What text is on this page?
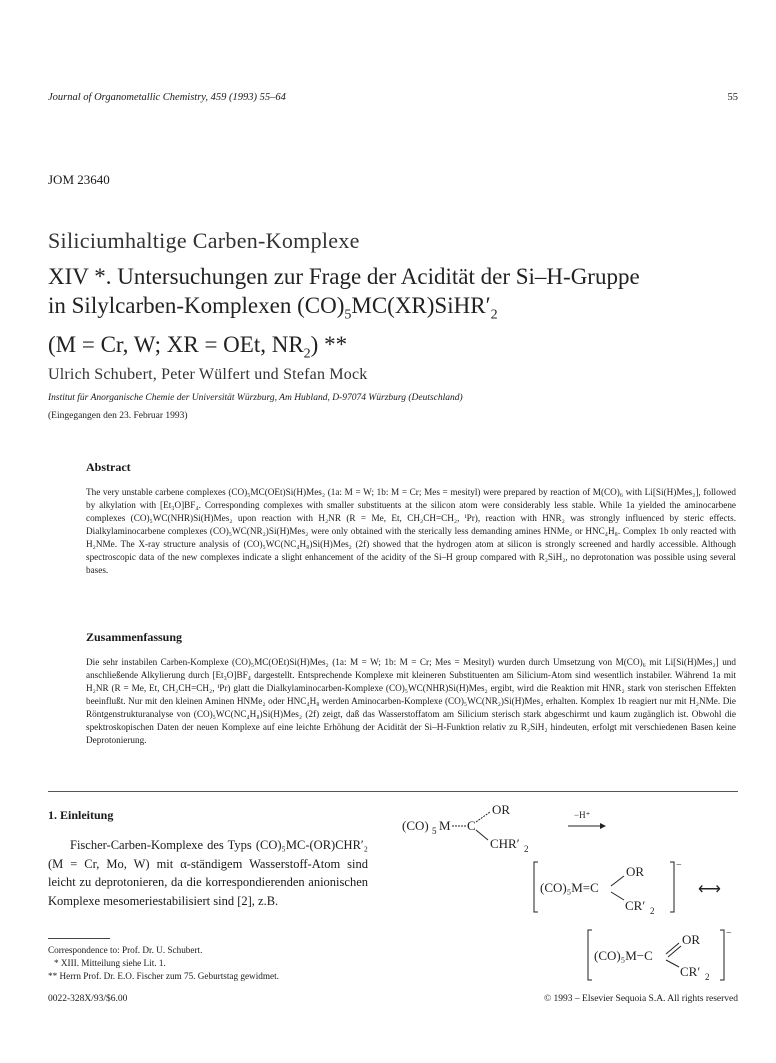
Journal of Organometallic Chemistry, 459 (1993) 55–64	55
JOM 23640
Siliciumhaltige Carben-Komplexe
XIV *. Untersuchungen zur Frage der Acidität der Si–H-Gruppe
in Silylcarben-Komplexen $(CO)_5MC(XR)SiHR'_2$
(M = Cr, W; XR = OEt, $NR_2$) **
Ulrich Schubert, Peter Wülfert und Stefan Mock
Institut für Anorganische Chemie der Universität Würzburg, Am Hubland, D-97074 Würzburg (Deutschland)
(Eingegangen den 23. Februar 1993)
Abstract
The very unstable carbene complexes (CO)₅MC(OEt)Si(H)Mes₂ (1a: M = W; 1b: M = Cr; Mes = mesityl) were prepared by reaction of M(CO)₆ with Li[Si(H)Mes₂], followed by alkylation with [Et₃O]BF₄. Corresponding complexes with smaller substituents at the silicon atom were considerably less stable. While 1a yielded the aminocarbene complexes (CO)₅WC(NHR)Si(H)Mes₂ upon reaction with H₂NR (R = Me, Et, CH₂CH=CH₂, ⁱPr), reaction with HNR₂ was strongly influenced by steric effects. Dialkylaminocarbene complexes (CO)₅WC(NR₂)Si(H)Mes₂ were only obtained with the sterically less demanding amines HNMe₂ or HNC₄H₈. Complex 1b only reacted with H₂NMe. The X-ray structure analysis of (CO)₅WC(NC₄H₈)Si(H)Mes₂ (2f) showed that the hydrogen atom at silicon is strongly screened and hardly accessible. Although spectroscopic data of the new complexes indicate a slight enhancement of the acidity of the Si–H group compared with R₂SiH₂, no deprotonation was possible using several bases.
Zusammenfassung
Die sehr instabilen Carben-Komplexe (CO)₅MC(OEt)Si(H)Mes₂ (1a: M = W; 1b: M = Cr; Mes = Mesityl) wurden durch Umsetzung von M(CO)₆ mit Li[Si(H)Mes₂] und anschließende Alkylierung durch [Et₃O]BF₄ dargestellt. Entsprechende Komplexe mit kleineren Substituenten am Silicium-Atom sind wesentlich instabiler. Während 1a mit H₂NR (R = Me, Et, CH₂CH=CH₂, ⁱPr) glatt die Dialkylaminocarben-Komplexe (CO)₅WC(NHR)Si(H)Mes₂ ergibt, wird die Reaktion mit HNR₂ stark von sterischen Effekten beeinflußt. Nur mit den kleinen Aminen HNMe₂ oder HNC₄H₈ werden Aminocarben-Komplexe (CO)₅WC(NR₂)Si(H)Mes₂ erhalten. Komplex 1b reagiert nur mit H₂NMe. Die Röntgenstrukturanalyse von (CO)₅WC(NC₄H₈)Si(H)Mes₂ (2f) zeigt, daß das Wasserstoffatom am Silicium sterisch stark abgeschirmt und kaum zugänglich ist. Obwohl die spektroskopischen Daten der neuen Komplexe auf eine leichte Erhöhung der Acidität der Si–H-Funktion relativ zu R₂SiH₂ hindeuten, erfolgt mit verschiedenen Basen keine Deprotonierung.
1. Einleitung

Fischer-Carben-Komplexe des Typs (CO)₅MC-(OR)CHR′₂ (M = Cr, Mo, W) mit α-ständigem Wasserstoff-Atom sind leicht zu deprotonieren, da die korrespondierenden anionischen Komplexe mesomeriestabilisiert sind [2], z.B.

Correspondence to: Prof. Dr. U. Schubert.
* XIII. Mitteilung siehe Lit. 1.
** Herrn Prof. Dr. E.O. Fischer zum 75. Geburtstag gewidmet.
0022-328X/93/$6.00	© 1993 – Elsevier Sequoia S.A. All rights reserved
(CO) 5 M C
OR
CHR′ 2
−H⁺
(CO)₅M=C
OR
CR′ 2
−
⟷
(CO)₅M−C
OR
CR′ 2
−
